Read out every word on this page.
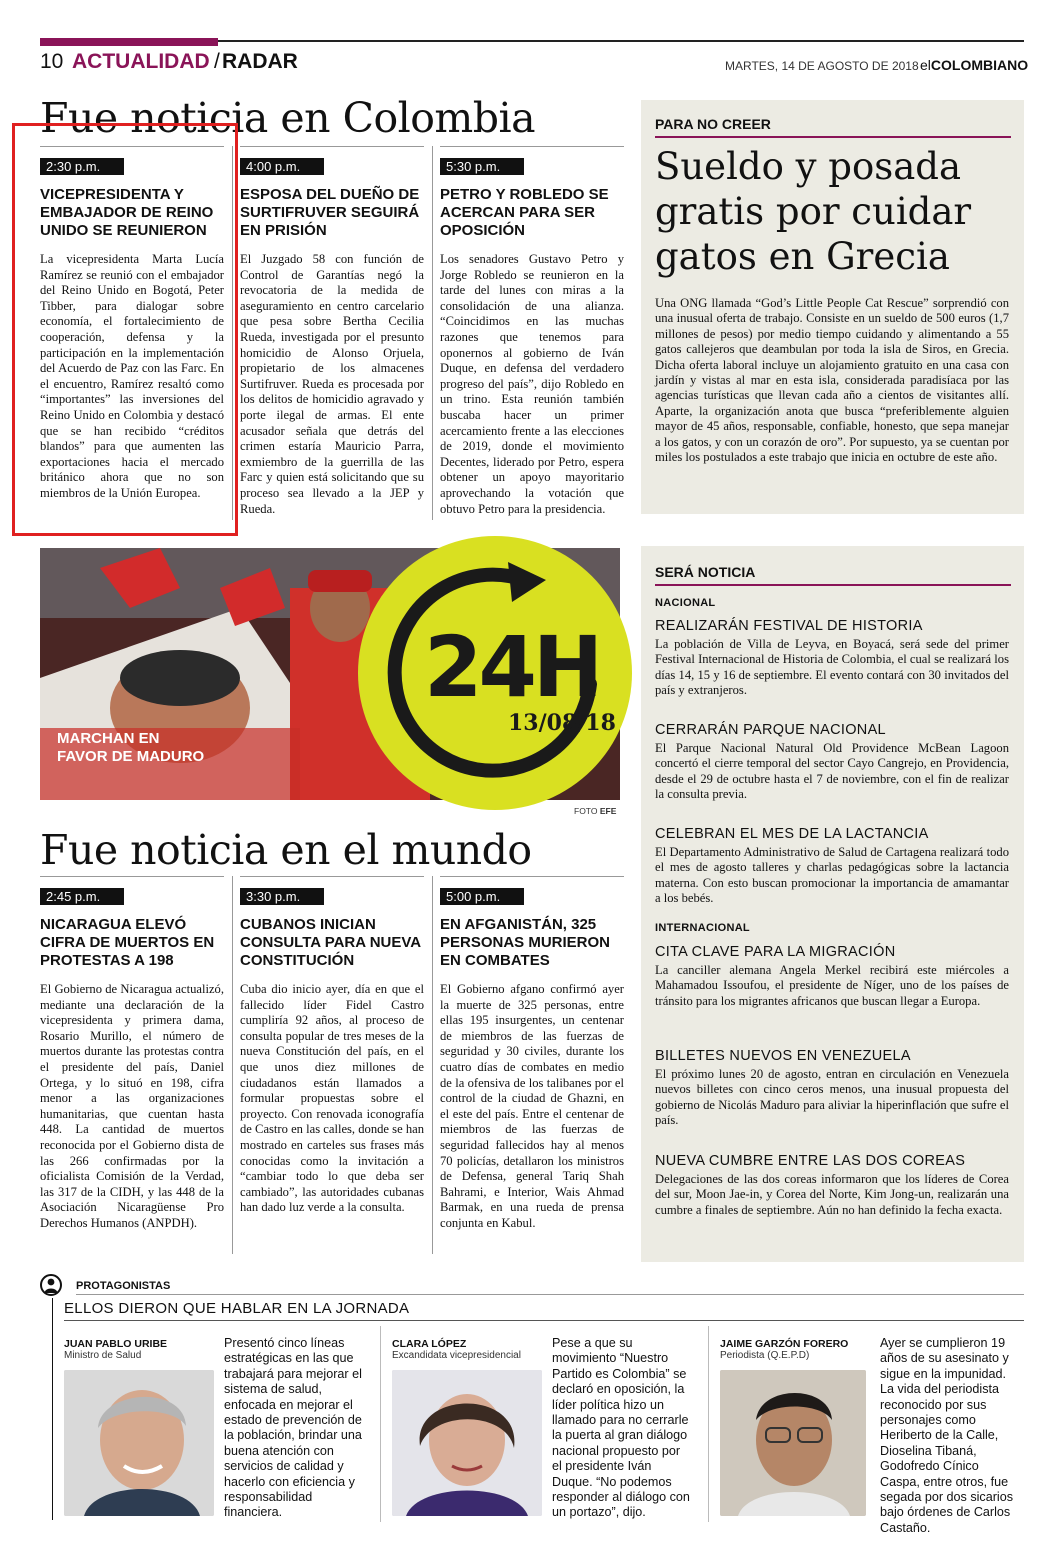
10 ACTUALIDAD / RADAR	MARTES, 14 DE AGOSTO DE 2018 elCOLOMBIANO
Fue noticia en Colombia
2:30 p.m.
VICEPRESIDENTA Y EMBAJADOR DE REINO UNIDO SE REUNIERON
La vicepresidenta Marta Lucía Ramírez se reunió con el embajador del Reino Unido en Bogotá, Peter Tibber, para dialogar sobre economía, el fortalecimiento de cooperación, defensa y la participación en la implementación del Acuerdo de Paz con las Farc. En el encuentro, Ramírez resaltó como “importantes” las inversiones del Reino Unido en Colombia y destacó que se han recibido “créditos blandos” para que aumenten las exportaciones hacia el mercado británico ahora que no son miembros de la Unión Europea.
4:00 p.m.
ESPOSA DEL DUEÑO DE SURTIFRUVER SEGUIRÁ EN PRISIÓN
El Juzgado 58 con función de Control de Garantías negó la revocatoria de la medida de aseguramiento en centro carcelario que pesa sobre Bertha Cecilia Rueda, investigada por el presunto homicidio de Alonso Orjuela, propietario de los almacenes Surtifruver. Rueda es procesada por los delitos de homicidio agravado y porte ilegal de armas. El ente acusador señala que detrás del crimen estaría Mauricio Parra, exmiembro de la guerrilla de las Farc y quien está solicitando que su proceso sea llevado a la JEP y Rueda.
5:30 p.m.
PETRO Y ROBLEDO SE ACERCAN PARA SER OPOSICIÓN
Los senadores Gustavo Petro y Jorge Robledo se reunieron en la tarde del lunes con miras a la consolidación de una alianza. “Coincidimos en las muchas razones que tenemos para oponernos al gobierno de Iván Duque, en defensa del verdadero progreso del país”, dijo Robledo en un trino. Esta reunión también buscaba hacer un primer acercamiento frente a las elecciones de 2019, donde el movimiento Decentes, liderado por Petro, espera obtener un apoyo mayoritario aprovechando la votación que obtuvo Petro para la presidencia.
PARA NO CREER
Sueldo y posada gratis por cuidar gatos en Grecia
Una ONG llamada “God’s Little People Cat Rescue” sorprendió con una inusual oferta de trabajo. Consiste en un sueldo de 500 euros (1,7 millones de pesos) por medio tiempo cuidando y alimentando a 55 gatos callejeros que deambulan por toda la isla de Siros, en Grecia. Dicha oferta laboral incluye un alojamiento gratuito en una casa con jardín y vistas al mar en esta isla, considerada paradisíaca por las agencias turísticas que llevan cada año a cientos de visitantes allí. Aparte, la organización anota que busca “preferiblemente alguien mayor de 45 años, responsable, confiable, honesto, que sepa manejar a los gatos, y con un corazón de oro”. Por supuesto, ya se cuentan por miles los postulados a este trabajo que inicia en octubre de este año.
MARCHAN EN
FAVOR DE MADURO
24H
13/08/18
FOTO EFE
Fue noticia en el mundo
2:45 p.m.
NICARAGUA ELEVÓ CIFRA DE MUERTOS EN PROTESTAS A 198
El Gobierno de Nicaragua actualizó, mediante una declaración de la vicepresidenta y primera dama, Rosario Murillo, el número de muertos durante las protestas contra el presidente del país, Daniel Ortega, y lo situó en 198, cifra menor a las organizaciones humanitarias, que cuentan hasta 448. La cantidad de muertos reconocida por el Gobierno dista de las 266 confirmadas por la oficialista Comisión de la Verdad, las 317 de la CIDH, y las 448 de la Asociación Nicaragüense Pro Derechos Humanos (ANPDH).
3:30 p.m.
CUBANOS INICIAN CONSULTA PARA NUEVA CONSTITUCIÓN
Cuba dio inicio ayer, día en que el fallecido líder Fidel Castro cumpliría 92 años, al proceso de consulta popular de tres meses de la nueva Constitución del país, en el que unos diez millones de ciudadanos están llamados a formular propuestas sobre el proyecto. Con renovada iconografía de Castro en las calles, donde se han mostrado en carteles sus frases más conocidas como la invitación a “cambiar todo lo que deba ser cambiado”, las autoridades cubanas han dado luz verde a la consulta.
5:00 p.m.
EN AFGANISTÁN, 325 PERSONAS MURIERON EN COMBATES
El Gobierno afgano confirmó ayer la muerte de 325 personas, entre ellas 195 insurgentes, un centenar de miembros de las fuerzas de seguridad y 30 civiles, durante los cuatro días de combates en medio de la ofensiva de los talibanes por el control de la ciudad de Ghazni, en el este del país. Entre el centenar de miembros de las fuerzas de seguridad fallecidos hay al menos 70 policías, detallaron los ministros de Defensa, general Tariq Shah Bahrami, e Interior, Wais Ahmad Barmak, en una rueda de prensa conjunta en Kabul.
SERÁ NOTICIA
NACIONAL
REALIZARÁN FESTIVAL DE HISTORIA
La población de Villa de Leyva, en Boyacá, será sede del primer Festival Internacional de Historia de Colombia, el cual se realizará los días 14, 15 y 16 de septiembre. El evento contará con 30 invitados del país y extranjeros.
CERRARÁN PARQUE NACIONAL
El Parque Nacional Natural Old Providence McBean Lagoon concertó el cierre temporal del sector Cayo Cangrejo, en Providencia, desde el 29 de octubre hasta el 7 de noviembre, con el fin de realizar la consulta previa.
CELEBRAN EL MES DE LA LACTANCIA
El Departamento Administrativo de Salud de Cartagena realizará todo el mes de agosto talleres y charlas pedagógicas sobre la lactancia materna. Con esto buscan promocionar la importancia de amamantar a los bebés.
INTERNACIONAL
CITA CLAVE PARA LA MIGRACIÓN
La canciller alemana Angela Merkel recibirá este miércoles a Mahamadou Issoufou, el presidente de Níger, uno de los países de tránsito para los migrantes africanos que buscan llegar a Europa.
BILLETES NUEVOS EN VENEZUELA
El próximo lunes 20 de agosto, entran en circulación en Venezuela nuevos billetes con cinco ceros menos, una inusual propuesta del gobierno de Nicolás Maduro para aliviar la hiperinflación que sufre el país.
NUEVA CUMBRE ENTRE LAS DOS COREAS
Delegaciones de las dos coreas informaron que los líderes de Corea del sur, Moon Jae-in, y Corea del Norte, Kim Jong-un, realizarán una cumbre a finales de septiembre. Aún no han definido la fecha exacta.
PROTAGONISTAS
ELLOS DIERON QUE HABLAR EN LA JORNADA
JUAN PABLO URIBE
Ministro de Salud
Presentó cinco líneas estratégicas en las que trabajará para mejorar el sistema de salud, enfocada en mejorar el estado de prevención de la población, brindar una buena atención con servicios de calidad y hacerlo con eficiencia y responsabilidad financiera.
CLARA LÓPEZ
Excandidata vicepresidencial
Pese a que su movimiento “Nuestro Partido es Colombia” se declaró en oposición, la líder política hizo un llamado para no cerrarle la puerta al gran diálogo nacional propuesto por el presidente Iván Duque. “No podemos responder al diálogo con un portazo”, dijo.
JAIME GARZÓN FORERO
Periodista (Q.E.P.D)
Ayer se cumplieron 19 años de su asesinato y sigue en la impunidad. La vida del periodista reconocido por sus personajes como Heriberto de la Calle, Dioselina Tibaná, Godofredo Cínico Caspa, entre otros, fue segada por dos sicarios bajo órdenes de Carlos Castaño.
